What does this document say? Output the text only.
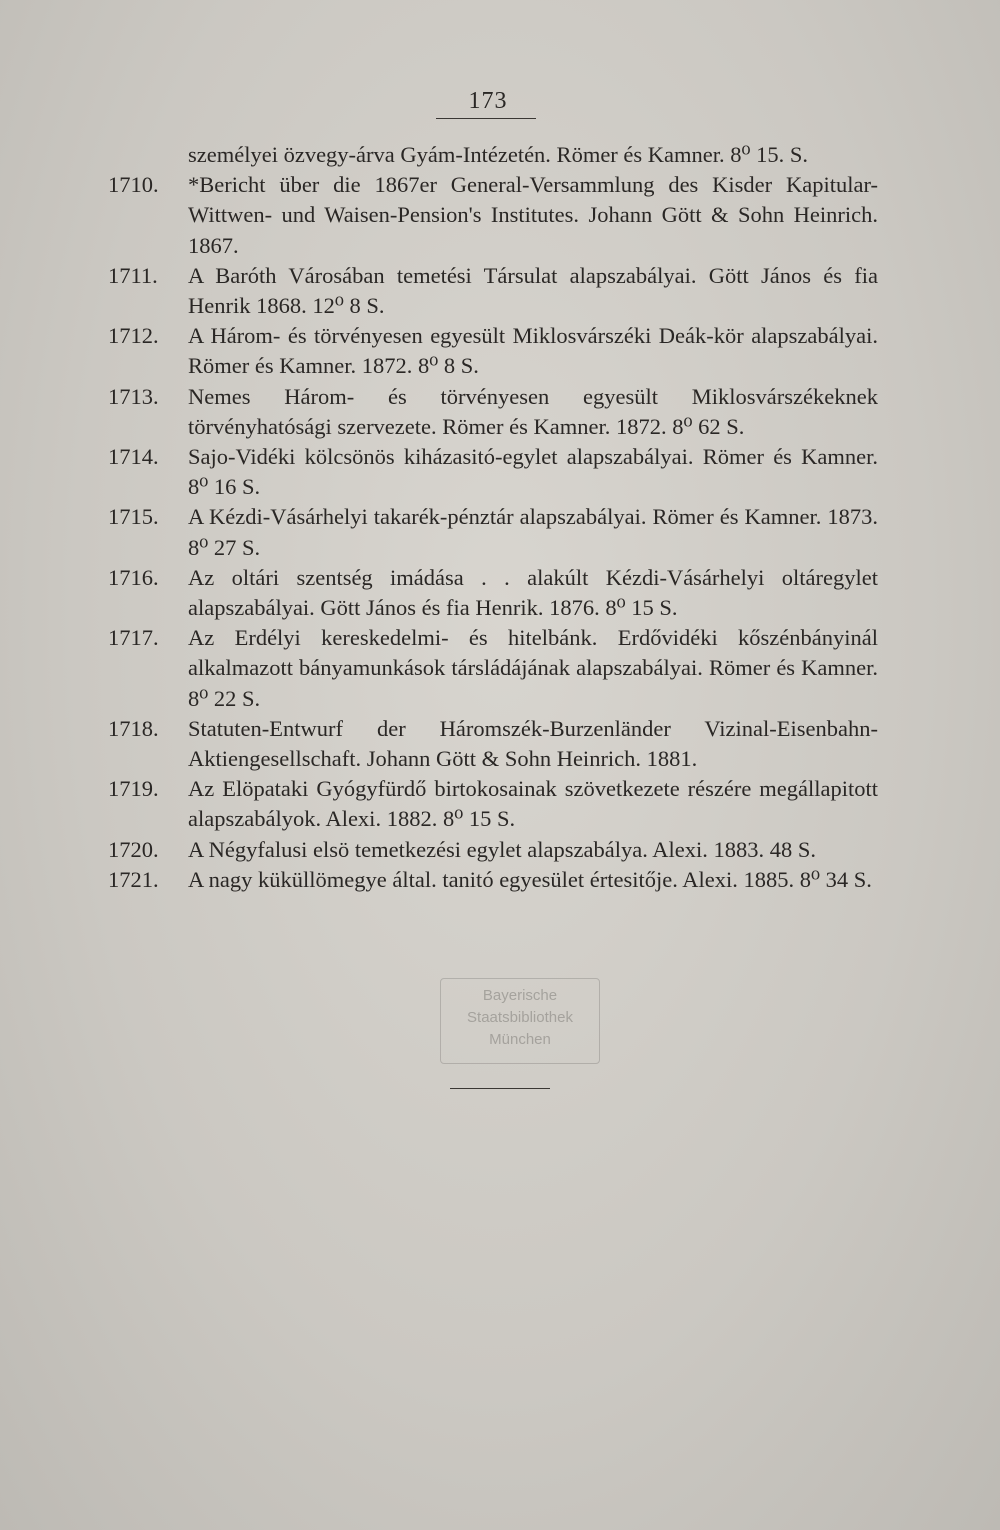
173
személyei özvegy-árva Gyám-Intézetén. Römer és Kamner. 8⁰ 15. S.
1710.	*Bericht über die 1867er General-Versammlung des Kisder Kapitular-Wittwen- und Waisen-Pension's Institutes. Johann Gött & Sohn Heinrich. 1867.
1711.	A Baróth Városában temetési Társulat alapszabályai. Gött János és fia Henrik 1868. 12⁰ 8 S.
1712.	A Három- és törvényesen egyesült Miklosvárszéki Deák-kör alapszabályai. Römer és Kamner. 1872. 8⁰ 8 S.
1713.	Nemes Három- és törvényesen egyesült Miklosvárszékeknek törvényhatósági szervezete. Römer és Kamner. 1872. 8⁰ 62 S.
1714.	Sajo-Vidéki kölcsönös kiházasitó-egylet alapszabályai. Römer és Kamner. 8⁰ 16 S.
1715.	A Kézdi-Vásárhelyi takarék-pénztár alapszabályai. Römer és Kamner. 1873. 8⁰ 27 S.
1716.	Az oltári szentség imádása . . alakúlt Kézdi-Vásárhelyi oltáregylet alapszabályai. Gött János és fia Henrik. 1876. 8⁰ 15 S.
1717.	Az Erdélyi kereskedelmi- és hitelbánk. Erdővidéki kőszénbányinál alkalmazott bányamunkások társládájának alapszabályai. Römer és Kamner. 8⁰ 22 S.
1718.	Statuten-Entwurf der Háromszék-Burzenländer Vizinal-Eisenbahn-Aktiengesellschaft. Johann Gött & Sohn Heinrich. 1881.
1719.	Az Elöpataki Gyógyfürdő birtokosainak szövetkezete részére megállapitott alapszabályok. Alexi. 1882. 8⁰ 15 S.
1720.	A Négyfalusi elsö temetkezési egylet alapszabálya. Alexi. 1883. 48 S.
1721.	A nagy küküllömegye által. tanitó egyesület értesitője. Alexi. 1885. 8⁰ 34 S.
Bayerische
Staatsbibliothek
München
